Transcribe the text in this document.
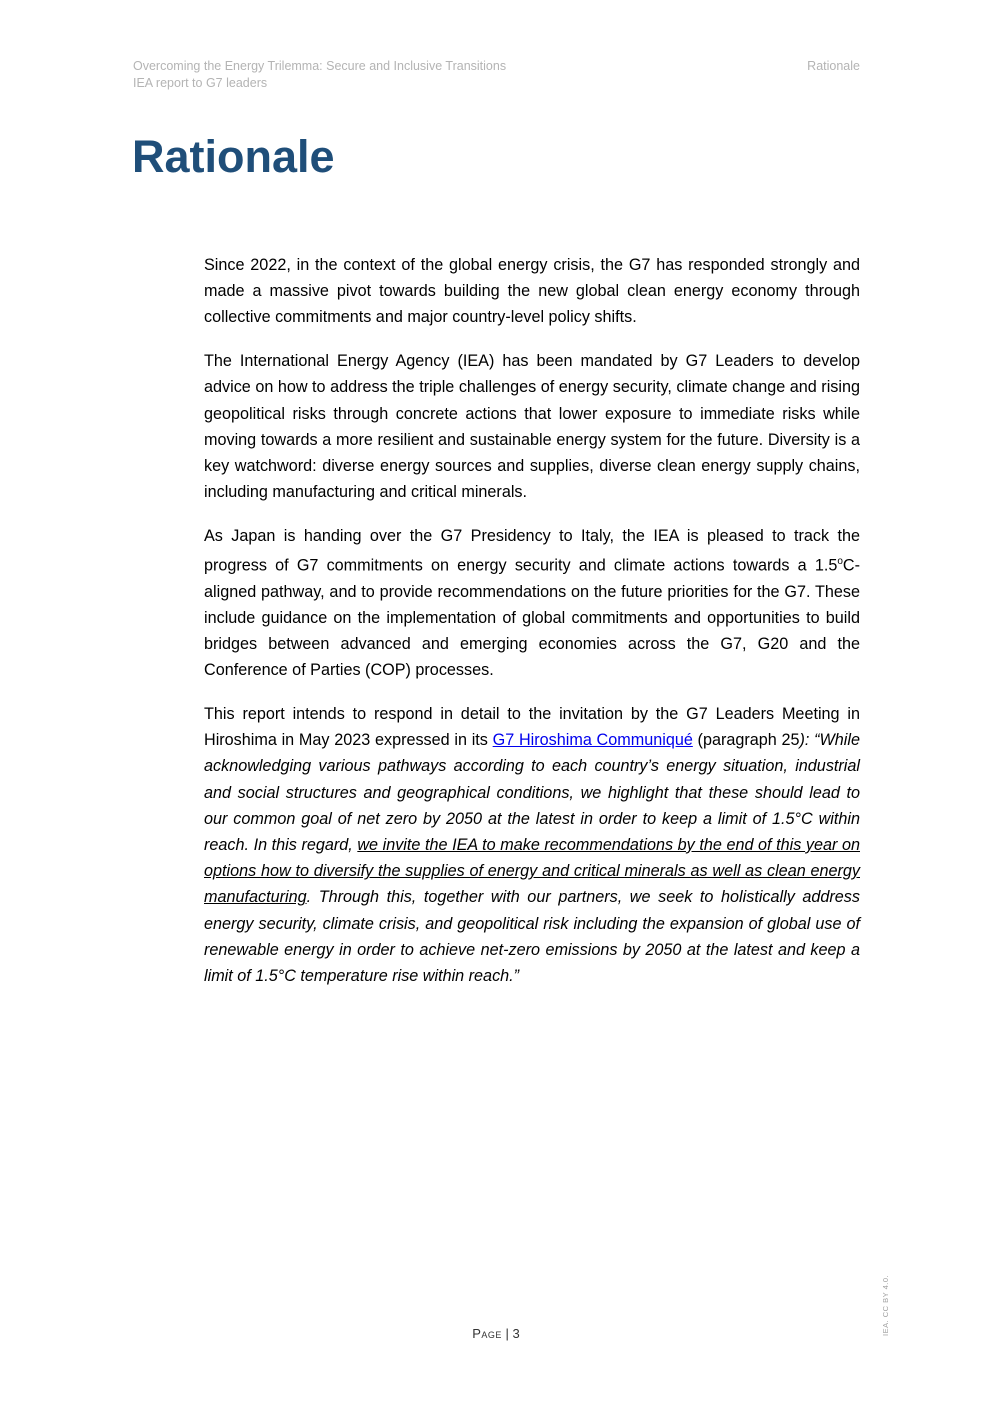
Overcoming the Energy Trilemma: Secure and Inclusive Transitions
IEA report to G7 leaders
Rationale
Rationale

Since 2022, in the context of the global energy crisis, the G7 has responded strongly and made a massive pivot towards building the new global clean energy economy through collective commitments and major country-level policy shifts.

The International Energy Agency (IEA) has been mandated by G7 Leaders to develop advice on how to address the triple challenges of energy security, climate change and rising geopolitical risks through concrete actions that lower exposure to immediate risks while moving towards a more resilient and sustainable energy system for the future. Diversity is a key watchword: diverse energy sources and supplies, diverse clean energy supply chains, including manufacturing and critical minerals.

As Japan is handing over the G7 Presidency to Italy, the IEA is pleased to track the progress of G7 commitments on energy security and climate actions towards a 1.5$^o$C-aligned pathway, and to provide recommendations on the future priorities for the G7. These include guidance on the implementation of global commitments and opportunities to build bridges between advanced and emerging economies across the G7, G20 and the Conference of Parties (COP) processes.

This report intends to respond in detail to the invitation by the G7 Leaders Meeting in Hiroshima in May 2023 expressed in its G7 Hiroshima Communiqué (paragraph 25): “While acknowledging various pathways according to each country’s energy situation, industrial and social structures and geographical conditions, we highlight that these should lead to our common goal of net zero by 2050 at the latest in order to keep a limit of 1.5°C within reach. In this regard, we invite the IEA to make recommendations by the end of this year on options how to diversify the supplies of energy and critical minerals as well as clean energy manufacturing. Through this, together with our partners, we seek to holistically address energy security, climate crisis, and geopolitical risk including the expansion of global use of renewable energy in order to achieve net-zero emissions by 2050 at the latest and keep a limit of 1.5°C temperature rise within reach.”

Page | 3	IEA. CC BY 4.0.
